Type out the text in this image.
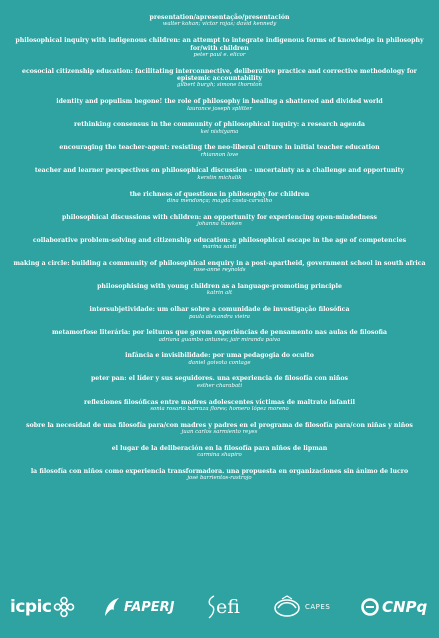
presentation/apresentação/presentación
walter kohan; victor rojas; david kennedy
philosophical inquiry with indigenous children: an attempt to integrate indigenous forms of knowledge in philosophy for/with children
peter paul e. elicor
ecosocial citizenship education: facilitating interconnective, deliberative practice and corrective methodology for epistemic accountability
gilbert burgh; simone thornton
identity and populism begone! the role of philosophy in healing a shattered and divided world
laurance joseph splitter
rethinking consensus in the community of philosophical inquiry: a research agenda
kei nishiyama
encouraging the teacher-agent: resisting the neo-liberal culture in initial teacher education
rhiannon love
teacher and learner perspectives on philosophical discussion – uncertainty as a challenge and opportunity
kerstin michalik
the richness of questions in philosophy for children
dina mendonça; magda costa-carvalho
philosophical discussions with children: an opportunity for experiencing open-mindedness
johanna hawken
collaborative problem-solving and citizenship education: a philosophical escape in the age of competencies
marina santi
making a circle: building a community of philosophical enquiry in a post-apartheid, government school in south africa
rose-anne reynolds
philosophising with young children as a language-promoting principle
katrin alt
intersubjetividade: um olhar sobre a comunidade de investigação filosófica
paula alexandra vieira
metamorfose literária: por leituras que gerem experiências de pensamento nas aulas de filosofia
adriana guambo antunes; jair miranda paiva
infância e invisibilidade: por uma pedagogia do oculto
daniel goivota contage
peter pan: el líder y sus seguidores. una experiencia de filosofía con niños
esther charabati
reflexiones filosóficas entre madres adolescentes víctimas de maltrato infantil
sonia rosario barraza flores; homero lópez moreno
sobre la necesidad de una filosofía para/con madres y padres en el programa de filosofía para/con niñas y niños
juan carlos sarmiento reyes
el lugar de la deliberación en la filosofía para niños de lipman
carmina shapiro
la filosofía con niños como experiencia transformadora. una propuesta en organizaciones sin ánimo de lucro
josé barrientos-rastrojo
icpic	FAPERJ efi	CAPES	CNPq
